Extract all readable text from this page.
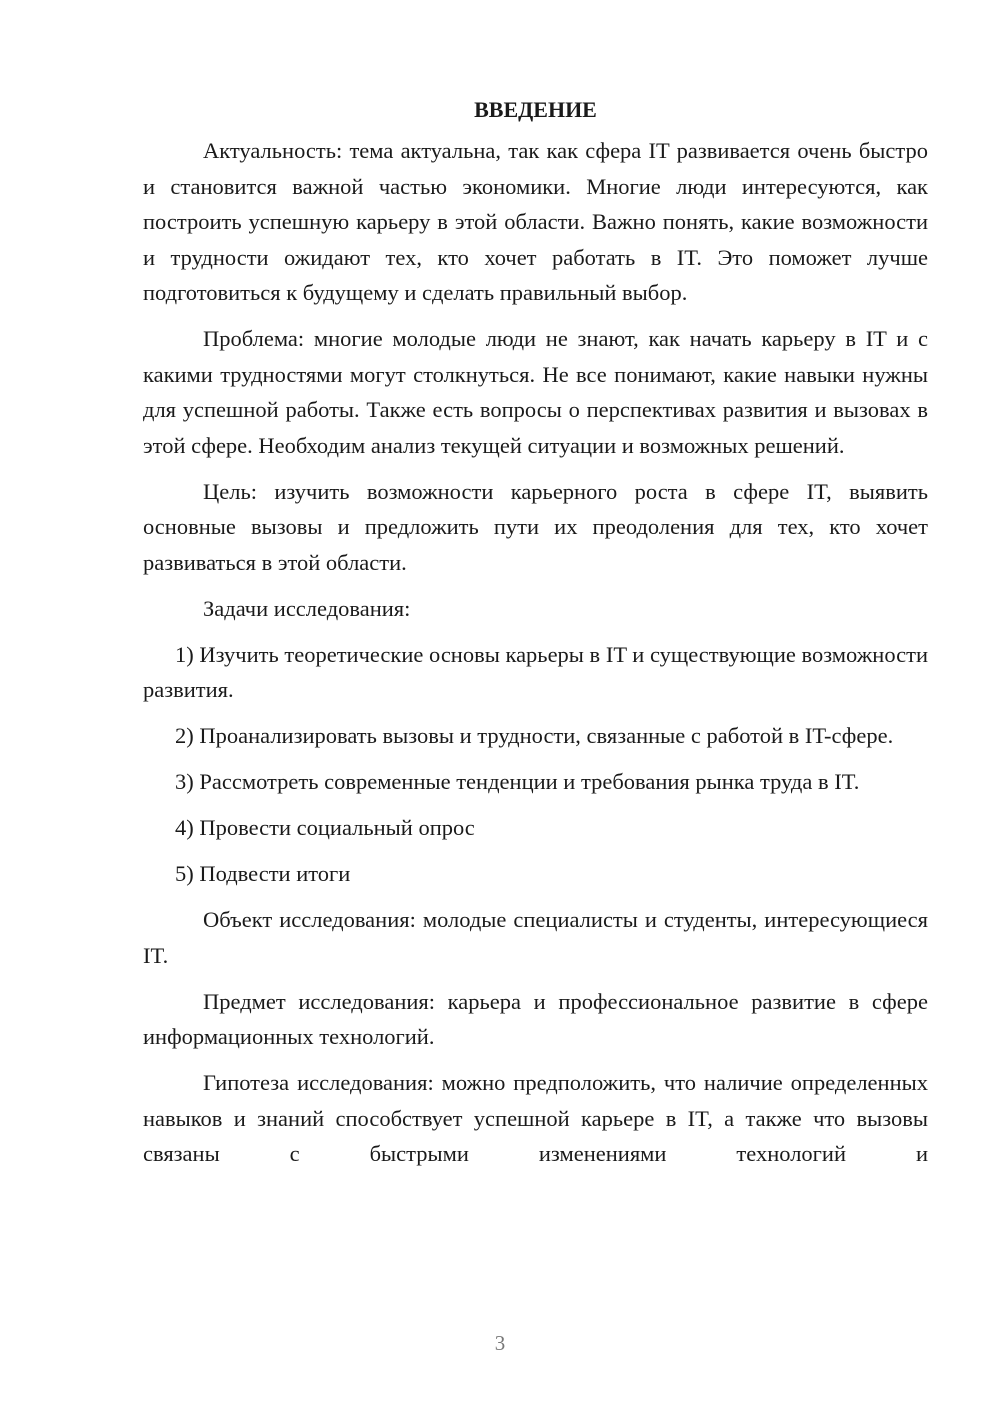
ВВЕДЕНИЕ

Актуальность: тема актуальна, так как сфера IT развивается очень быстро и становится важной частью экономики. Многие люди интересуются, как построить успешную карьеру в этой области. Важно понять, какие возможности и трудности ожидают тех, кто хочет работать в IT. Это поможет лучше подготовиться к будущему и сделать правильный выбор.

Проблема: многие молодые люди не знают, как начать карьеру в IT и с какими трудностями могут столкнуться. Не все понимают, какие навыки нужны для успешной работы. Также есть вопросы о перспективах развития и вызовах в этой сфере. Необходим анализ текущей ситуации и возможных решений.

Цель: изучить возможности карьерного роста в сфере IT, выявить основные вызовы и предложить пути их преодоления для тех, кто хочет развиваться в этой области.

Задачи исследования:

1) Изучить теоретические основы карьеры в IT и существующие возможности развития.

2) Проанализировать вызовы и трудности, связанные с работой в IT-сфере.

3) Рассмотреть современные тенденции и требования рынка труда в IT.

4) Провести социальный опрос

5) Подвести итоги

Объект исследования: молодые специалисты и студенты, интересующиеся IT.

Предмет исследования: карьера и профессиональное развитие в сфере информационных технологий.

Гипотеза исследования: можно предположить, что наличие определенных навыков и знаний способствует успешной карьере в IT, а также что вызовы связаны с быстрыми изменениями технологий и

3
